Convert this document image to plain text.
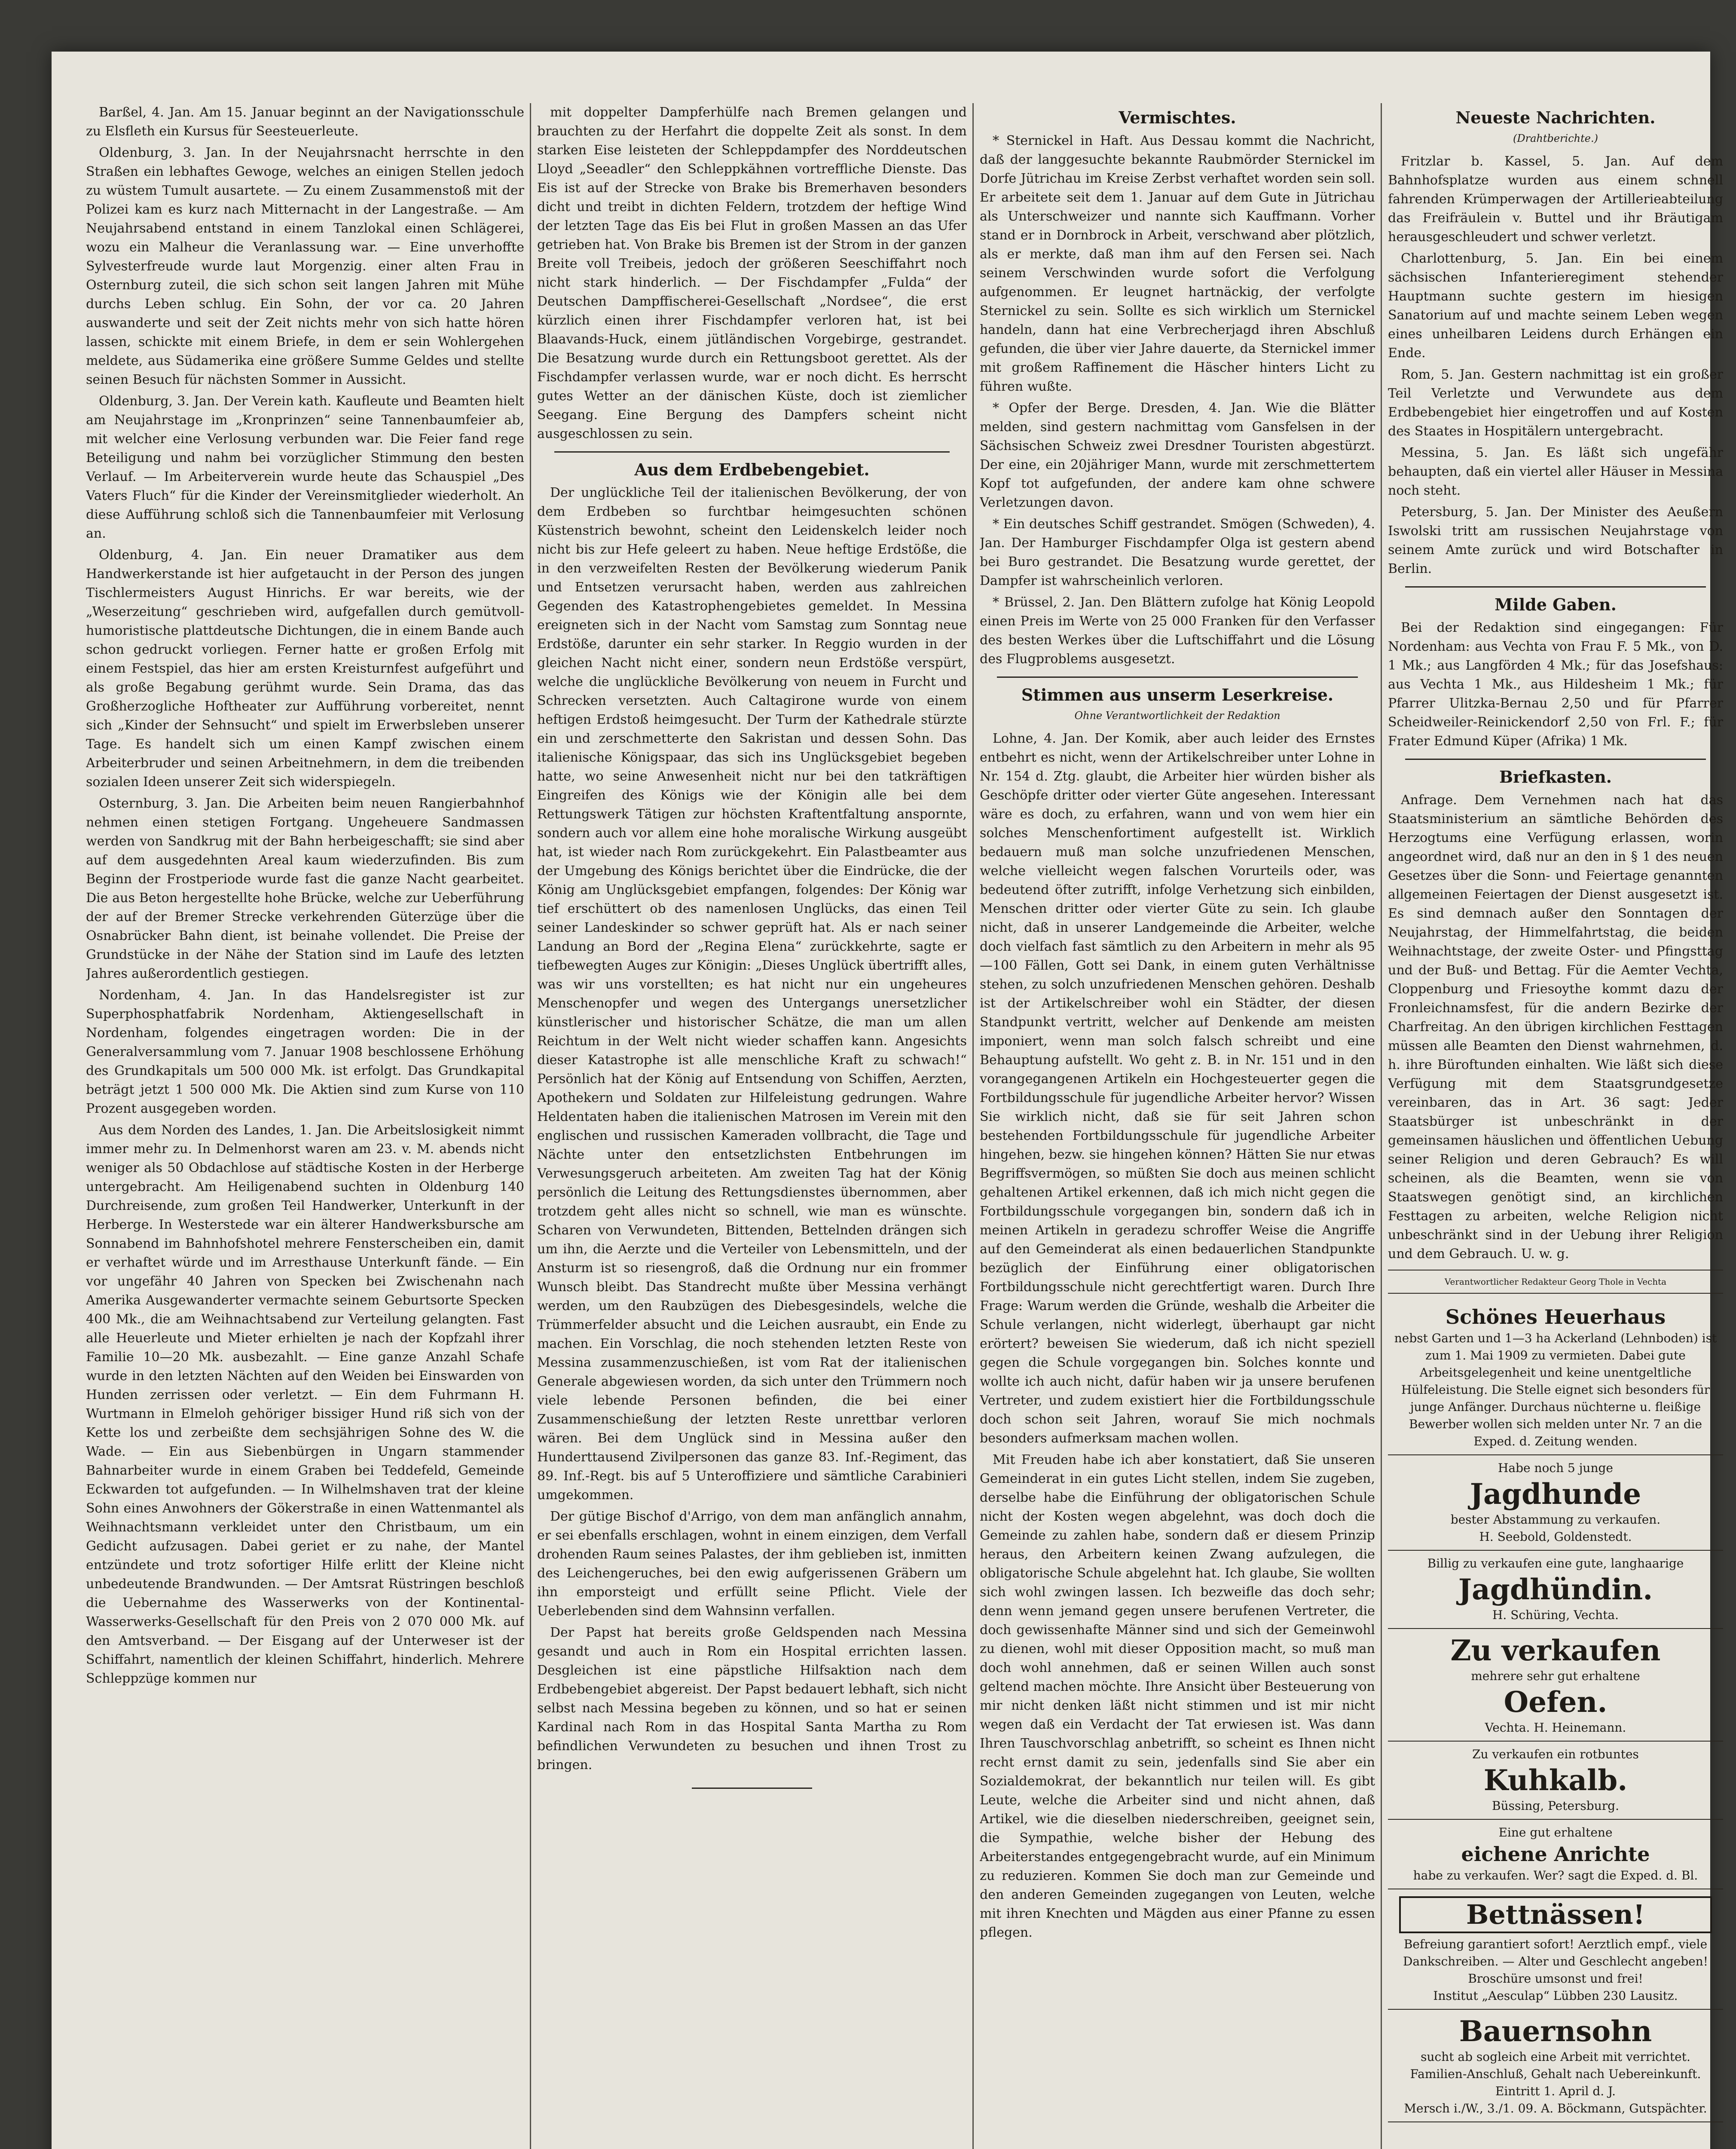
Barßel, 4. Jan. Am 15. Januar beginnt an der Navigationsschule zu Elsfleth ein Kursus für Seesteuerleute.

Oldenburg, 3. Jan. In der Neujahrsnacht herrschte in den Straßen ein lebhaftes Gewoge, welches an einigen Stellen jedoch zu wüstem Tumult ausartete. — Zu einem Zusammenstoß mit der Polizei kam es kurz nach Mitternacht in der Langestraße. — Am Neujahrsabend entstand in einem Tanzlokal einen Schlägerei, wozu ein Malheur die Veranlassung war. — Eine unverhoffte Sylvesterfreude wurde laut Morgenzig. einer alten Frau in Osternburg zuteil, die sich schon seit langen Jahren mit Mühe durchs Leben schlug. Ein Sohn, der vor ca. 20 Jahren auswanderte und seit der Zeit nichts mehr von sich hatte hören lassen, schickte mit einem Briefe, in dem er sein Wohlergehen meldete, aus Südamerika eine größere Summe Geldes und stellte seinen Besuch für nächsten Sommer in Aussicht.

Oldenburg, 3. Jan. Der Verein kath. Kaufleute und Beamten hielt am Neujahrstage im „Kronprinzen“ seine Tannenbaumfeier ab, mit welcher eine Verlosung verbunden war. Die Feier fand rege Beteiligung und nahm bei vorzüglicher Stimmung den besten Verlauf. — Im Arbeiterverein wurde heute das Schauspiel „Des Vaters Fluch“ für die Kinder der Vereinsmitglieder wiederholt. An diese Aufführung schloß sich die Tannenbaumfeier mit Verlosung an.

Oldenburg, 4. Jan. Ein neuer Dramatiker aus dem Handwerkerstande ist hier aufgetaucht in der Person des jungen Tischlermeisters August Hinrichs. Er war bereits, wie der „Weserzeitung“ geschrieben wird, aufgefallen durch gemütvoll-humoristische plattdeutsche Dichtungen, die in einem Bande auch schon gedruckt vorliegen. Ferner hatte er großen Erfolg mit einem Festspiel, das hier am ersten Kreisturnfest aufgeführt und als große Begabung gerühmt wurde. Sein Drama, das das Großherzogliche Hoftheater zur Aufführung vorbereitet, nennt sich „Kinder der Sehnsucht“ und spielt im Erwerbsleben unserer Tage. Es handelt sich um einen Kampf zwischen einem Arbeiterbruder und seinen Arbeitnehmern, in dem die treibenden sozialen Ideen unserer Zeit sich widerspiegeln.

Osternburg, 3. Jan. Die Arbeiten beim neuen Rangierbahnhof nehmen einen stetigen Fortgang. Ungeheuere Sandmassen werden von Sandkrug mit der Bahn herbeigeschafft; sie sind aber auf dem ausgedehnten Areal kaum wiederzufinden. Bis zum Beginn der Frostperiode wurde fast die ganze Nacht gearbeitet. Die aus Beton hergestellte hohe Brücke, welche zur Ueberführung der auf der Bremer Strecke verkehrenden Güterzüge über die Osnabrücker Bahn dient, ist beinahe vollendet. Die Preise der Grundstücke in der Nähe der Station sind im Laufe des letzten Jahres außerordentlich gestiegen.

Nordenham, 4. Jan. In das Handelsregister ist zur Superphosphatfabrik Nordenham, Aktiengesellschaft in Nordenham, folgendes eingetragen worden: Die in der Generalversammlung vom 7. Januar 1908 beschlossene Erhöhung des Grundkapitals um 500 000 Mk. ist erfolgt. Das Grundkapital beträgt jetzt 1 500 000 Mk. Die Aktien sind zum Kurse von 110 Prozent ausgegeben worden.

Aus dem Norden des Landes, 1. Jan. Die Arbeitslosigkeit nimmt immer mehr zu. In Delmenhorst waren am 23. v. M. abends nicht weniger als 50 Obdachlose auf städtische Kosten in der Herberge untergebracht. Am Heiligenabend suchten in Oldenburg 140 Durchreisende, zum großen Teil Handwerker, Unterkunft in der Herberge. In Westerstede war ein älterer Handwerksbursche am Sonnabend im Bahnhofshotel mehrere Fensterscheiben ein, damit er verhaftet würde und im Arresthause Unterkunft fände. — Ein vor ungefähr 40 Jahren von Specken bei Zwischenahn nach Amerika Ausgewanderter vermachte seinem Geburtsorte Specken 400 Mk., die am Weihnachtsabend zur Verteilung gelangten. Fast alle Heuerleute und Mieter erhielten je nach der Kopfzahl ihrer Familie 10—20 Mk. ausbezahlt. — Eine ganze Anzahl Schafe wurde in den letzten Nächten auf den Weiden bei Einswarden von Hunden zerrissen oder verletzt. — Ein dem Fuhrmann H. Wurtmann in Elmeloh gehöriger bissiger Hund riß sich von der Kette los und zerbeißte dem sechsjährigen Sohne des W. die Wade. — Ein aus Siebenbürgen in Ungarn stammender Bahnarbeiter wurde in einem Graben bei Teddefeld, Gemeinde Eckwarden tot aufgefunden. — In Wilhelmshaven trat der kleine Sohn eines Anwohners der Gökerstraße in einen Wattenmantel als Weihnachtsmann verkleidet unter den Christbaum, um ein Gedicht aufzusagen. Dabei geriet er zu nahe, der Mantel entzündete und trotz sofortiger Hilfe erlitt der Kleine nicht unbedeutende Brandwunden. — Der Amtsrat Rüstringen beschloß die Uebernahme des Wasserwerks von der Kontinental-Wasserwerks-Gesellschaft für den Preis von 2 070 000 Mk. auf den Amtsverband. — Der Eisgang auf der Unterweser ist der Schiffahrt, namentlich der kleinen Schiffahrt, hinderlich. Mehrere Schleppzüge kommen nur

mit doppelter Dampferhülfe nach Bremen gelangen und brauchten zu der Herfahrt die doppelte Zeit als sonst. In dem starken Eise leisteten der Schleppdampfer des Norddeutschen Lloyd „Seeadler“ den Schleppkähnen vortreffliche Dienste. Das Eis ist auf der Strecke von Brake bis Bremerhaven besonders dicht und treibt in dichten Feldern, trotzdem der heftige Wind der letzten Tage das Eis bei Flut in großen Massen an das Ufer getrieben hat. Von Brake bis Bremen ist der Strom in der ganzen Breite voll Treibeis, jedoch der größeren Seeschiffahrt noch nicht stark hinderlich. — Der Fischdampfer „Fulda“ der Deutschen Dampffischerei-Gesellschaft „Nordsee“, die erst kürzlich einen ihrer Fischdampfer verloren hat, ist bei Blaavands-Huck, einem jütländischen Vorgebirge, gestrandet. Die Besatzung wurde durch ein Rettungsboot gerettet. Als der Fischdampfer verlassen wurde, war er noch dicht. Es herrscht gutes Wetter an der dänischen Küste, doch ist ziemlicher Seegang. Eine Bergung des Dampfers scheint nicht ausgeschlossen zu sein.

Aus dem Erdbebengebiet.

Der unglückliche Teil der italienischen Bevölkerung, der von dem Erdbeben so furchtbar heimgesuchten schönen Küstenstrich bewohnt, scheint den Leidenskelch leider noch nicht bis zur Hefe geleert zu haben. Neue heftige Erdstöße, die in den verzweifelten Resten der Bevölkerung wiederum Panik und Entsetzen verursacht haben, werden aus zahlreichen Gegenden des Katastrophengebietes gemeldet. In Messina ereigneten sich in der Nacht vom Samstag zum Sonntag neue Erdstöße, darunter ein sehr starker. In Reggio wurden in der gleichen Nacht nicht einer, sondern neun Erdstöße verspürt, welche die unglückliche Bevölkerung von neuem in Furcht und Schrecken versetzten. Auch Caltagirone wurde von einem heftigen Erdstoß heimgesucht. Der Turm der Kathedrale stürzte ein und zerschmetterte den Sakristan und dessen Sohn. Das italienische Königspaar, das sich ins Unglücksgebiet begeben hatte, wo seine Anwesenheit nicht nur bei den tatkräftigen Eingreifen des Königs wie der Königin alle bei dem Rettungswerk Tätigen zur höchsten Kraftentfaltung anspornte, sondern auch vor allem eine hohe moralische Wirkung ausgeübt hat, ist wieder nach Rom zurückgekehrt. Ein Palastbeamter aus der Umgebung des Königs berichtet über die Eindrücke, die der König am Unglücksgebiet empfangen, folgendes: Der König war tief erschüttert ob des namenlosen Unglücks, das einen Teil seiner Landeskinder so schwer geprüft hat. Als er nach seiner Landung an Bord der „Regina Elena“ zurückkehrte, sagte er tiefbewegten Auges zur Königin: „Dieses Unglück übertrifft alles, was wir uns vorstellten; es hat nicht nur ein ungeheures Menschenopfer und wegen des Untergangs unersetzlicher künstlerischer und historischer Schätze, die man um allen Reichtum in der Welt nicht wieder schaffen kann. Angesichts dieser Katastrophe ist alle menschliche Kraft zu schwach!“ Persönlich hat der König auf Entsendung von Schiffen, Aerzten, Apothekern und Soldaten zur Hilfeleistung gedrungen. Wahre Heldentaten haben die italienischen Matrosen im Verein mit den englischen und russischen Kameraden vollbracht, die Tage und Nächte unter den entsetzlichsten Entbehrungen im Verwesungsgeruch arbeiteten. Am zweiten Tag hat der König persönlich die Leitung des Rettungsdienstes übernommen, aber trotzdem geht alles nicht so schnell, wie man es wünschte. Scharen von Verwundeten, Bittenden, Bettelnden drängen sich um ihn, die Aerzte und die Verteiler von Lebensmitteln, und der Ansturm ist so riesengroß, daß die Ordnung nur ein frommer Wunsch bleibt. Das Standrecht mußte über Messina verhängt werden, um den Raubzügen des Diebesgesindels, welche die Trümmerfelder absucht und die Leichen ausraubt, ein Ende zu machen. Ein Vorschlag, die noch stehenden letzten Reste von Messina zusammenzuschießen, ist vom Rat der italienischen Generale abgewiesen worden, da sich unter den Trümmern noch viele lebende Personen befinden, die bei einer Zusammenschießung der letzten Reste unrettbar verloren wären. Bei dem Unglück sind in Messina außer den Hunderttausend Zivilpersonen das ganze 83. Inf.-Regiment, das 89. Inf.-Regt. bis auf 5 Unteroffiziere und sämtliche Carabinieri umgekommen.

Der gütige Bischof d'Arrigo, von dem man anfänglich annahm, er sei ebenfalls erschlagen, wohnt in einem einzigen, dem Verfall drohenden Raum seines Palastes, der ihm geblieben ist, inmitten des Leichengeruches, bei den ewig aufgerissenen Gräbern um ihn emporsteigt und erfüllt seine Pflicht. Viele der Ueberlebenden sind dem Wahnsinn verfallen.

Der Papst hat bereits große Geldspenden nach Messina gesandt und auch in Rom ein Hospital errichten lassen. Desgleichen ist eine päpstliche Hilfsaktion nach dem Erdbebengebiet abgereist. Der Papst bedauert lebhaft, sich nicht selbst nach Messina begeben zu können, und so hat er seinen Kardinal nach Rom in das Hospital Santa Martha zu Rom befindlichen Verwundeten zu besuchen und ihnen Trost zu bringen.

Vermischtes.

* Sternickel in Haft. Aus Dessau kommt die Nachricht, daß der langgesuchte bekannte Raubmörder Sternickel im Dorfe Jütrichau im Kreise Zerbst verhaftet worden sein soll. Er arbeitete seit dem 1. Januar auf dem Gute in Jütrichau als Unterschweizer und nannte sich Kauffmann. Vorher stand er in Dornbrock in Arbeit, verschwand aber plötzlich, als er merkte, daß man ihm auf den Fersen sei. Nach seinem Verschwinden wurde sofort die Verfolgung aufgenommen. Er leugnet hartnäckig, der verfolgte Sternickel zu sein. Sollte es sich wirklich um Sternickel handeln, dann hat eine Verbrecherjagd ihren Abschluß gefunden, die über vier Jahre dauerte, da Sternickel immer mit großem Raffinement die Häscher hinters Licht zu führen wußte.

* Opfer der Berge. Dresden, 4. Jan. Wie die Blätter melden, sind gestern nachmittag vom Gansfelsen in der Sächsischen Schweiz zwei Dresdner Touristen abgestürzt. Der eine, ein 20jähriger Mann, wurde mit zerschmettertem Kopf tot aufgefunden, der andere kam ohne schwere Verletzungen davon.

* Ein deutsches Schiff gestrandet. Smögen (Schweden), 4. Jan. Der Hamburger Fischdampfer Olga ist gestern abend bei Buro gestrandet. Die Besatzung wurde gerettet, der Dampfer ist wahrscheinlich verloren.

* Brüssel, 2. Jan. Den Blättern zufolge hat König Leopold einen Preis im Werte von 25 000 Franken für den Verfasser des besten Werkes über die Luftschiffahrt und die Lösung des Flugproblems ausgesetzt.

Stimmen aus unserm Leserkreise.
Ohne Verantwortlichkeit der Redaktion

Lohne, 4. Jan. Der Komik, aber auch leider des Ernstes entbehrt es nicht, wenn der Artikelschreiber unter Lohne in Nr. 154 d. Ztg. glaubt, die Arbeiter hier würden bisher als Geschöpfe dritter oder vierter Güte angesehen. Interessant wäre es doch, zu erfahren, wann und von wem hier ein solches Menschenfortiment aufgestellt ist. Wirklich bedauern muß man solche unzufriedenen Menschen, welche vielleicht wegen falschen Vorurteils oder, was bedeutend öfter zutrifft, infolge Verhetzung sich einbilden, Menschen dritter oder vierter Güte zu sein. Ich glaube nicht, daß in unserer Landgemeinde die Arbeiter, welche doch vielfach fast sämtlich zu den Arbeitern in mehr als 95—100 Fällen, Gott sei Dank, in einem guten Verhältnisse stehen, zu solch unzufriedenen Menschen gehören. Deshalb ist der Artikelschreiber wohl ein Städter, der diesen Standpunkt vertritt, welcher auf Denkende am meisten imponiert, wenn man solch falsch schreibt und eine Behauptung aufstellt. Wo geht z. B. in Nr. 151 und in den vorangegangenen Artikeln ein Hochgesteuerter gegen die Fortbildungsschule für jugendliche Arbeiter hervor? Wissen Sie wirklich nicht, daß sie für seit Jahren schon bestehenden Fortbildungsschule für jugendliche Arbeiter hingehen, bezw. sie hingehen können? Hätten Sie nur etwas Begriffsvermögen, so müßten Sie doch aus meinen schlicht gehaltenen Artikel erkennen, daß ich mich nicht gegen die Fortbildungsschule vorgegangen bin, sondern daß ich in meinen Artikeln in geradezu schroffer Weise die Angriffe auf den Gemeinderat als einen bedauerlichen Standpunkte bezüglich der Einführung einer obligatorischen Fortbildungsschule nicht gerechtfertigt waren. Durch Ihre Frage: Warum werden die Gründe, weshalb die Arbeiter die Schule verlangen, nicht widerlegt, überhaupt gar nicht erörtert? beweisen Sie wiederum, daß ich nicht speziell gegen die Schule vorgegangen bin. Solches konnte und wollte ich auch nicht, dafür haben wir ja unsere berufenen Vertreter, und zudem existiert hier die Fortbildungsschule doch schon seit Jahren, worauf Sie mich nochmals besonders aufmerksam machen wollen.

Mit Freuden habe ich aber konstatiert, daß Sie unseren Gemeinderat in ein gutes Licht stellen, indem Sie zugeben, derselbe habe die Einführung der obligatorischen Schule nicht der Kosten wegen abgelehnt, was doch doch die Gemeinde zu zahlen habe, sondern daß er diesem Prinzip heraus, den Arbeitern keinen Zwang aufzulegen, die obligatorische Schule abgelehnt hat. Ich glaube, Sie wollten sich wohl zwingen lassen. Ich bezweifle das doch sehr; denn wenn jemand gegen unsere berufenen Vertreter, die doch gewissenhafte Männer sind und sich der Gemeinwohl zu dienen, wohl mit dieser Opposition macht, so muß man doch wohl annehmen, daß er seinen Willen auch sonst geltend machen möchte. Ihre Ansicht über Besteuerung von mir nicht denken läßt nicht stimmen und ist mir nicht wegen daß ein Verdacht der Tat erwiesen ist. Was dann Ihren Tauschvorschlag anbetrifft, so scheint es Ihnen nicht recht ernst damit zu sein, jedenfalls sind Sie aber ein Sozialdemokrat, der bekanntlich nur teilen will. Es gibt Leute, welche die Arbeiter sind und nicht ahnen, daß Artikel, wie die dieselben niederschreiben, geeignet sein, die Sympathie, welche bisher der Hebung des Arbeiterstandes entgegengebracht wurde, auf ein Minimum zu reduzieren. Kommen Sie doch man zur Gemeinde und den anderen Gemeinden zugegangen von Leuten, welche mit ihren Knechten und Mägden aus einer Pfanne zu essen pflegen.

Neueste Nachrichten.
(Drahtberichte.)

Fritzlar b. Kassel, 5. Jan. Auf dem Bahnhofsplatze wurden aus einem schnell fahrenden Krümperwagen der Artillerieabteilung das Freifräulein v. Buttel und ihr Bräutigam herausgeschleudert und schwer verletzt.

Charlottenburg, 5. Jan. Ein bei einem sächsischen Infanterieregiment stehender Hauptmann suchte gestern im hiesigen Sanatorium auf und machte seinem Leben wegen eines unheilbaren Leidens durch Erhängen ein Ende.

Rom, 5. Jan. Gestern nachmittag ist ein großer Teil Verletzte und Verwundete aus dem Erdbebengebiet hier eingetroffen und auf Kosten des Staates in Hospitälern untergebracht.

Messina, 5. Jan. Es läßt sich ungefähr behaupten, daß ein viertel aller Häuser in Messina noch steht.

Petersburg, 5. Jan. Der Minister des Aeußern Iswolski tritt am russischen Neujahrstage von seinem Amte zurück und wird Botschafter in Berlin.

Milde Gaben.

Bei der Redaktion sind eingegangen: Für Nordenham: aus Vechta von Frau F. 5 Mk., von D. 1 Mk.; aus Langförden 4 Mk.; für das Josefshaus: aus Vechta 1 Mk., aus Hildesheim 1 Mk.; für Pfarrer Ulitzka-Bernau 2,50 und für Pfarrer Scheidweiler-Reinickendorf 2,50 von Frl. F.; für Frater Edmund Küper (Afrika) 1 Mk.

Briefkasten.

Anfrage. Dem Vernehmen nach hat das Staatsministerium an sämtliche Behörden des Herzogtums eine Verfügung erlassen, worin angeordnet wird, daß nur an den in § 1 des neuen Gesetzes über die Sonn- und Feiertage genannten allgemeinen Feiertagen der Dienst ausgesetzt ist. Es sind demnach außer den Sonntagen der Neujahrstag, der Himmelfahrtstag, die beiden Weihnachtstage, der zweite Oster- und Pfingsttag und der Buß- und Bettag. Für die Aemter Vechta, Cloppenburg und Friesoythe kommt dazu der Fronleichnamsfest, für die andern Bezirke der Charfreitag. An den übrigen kirchlichen Festtagen müssen alle Beamten den Dienst wahrnehmen, d. h. ihre Büroftunden einhalten. Wie läßt sich diese Verfügung mit dem Staatsgrundgesetze vereinbaren, das in Art. 36 sagt: Jeder Staatsbürger ist unbeschränkt in der gemeinsamen häuslichen und öffentlichen Uebung seiner Religion und deren Gebrauch? Es will scheinen, als die Beamten, wenn sie von Staatswegen genötigt sind, an kirchlichen Festtagen zu arbeiten, welche Religion nicht unbeschränkt sind in der Uebung ihrer Religion und dem Gebrauch. U. w. g.

Verantwortlicher Redakteur Georg Thole in Vechta
Schönes Heuerhaus
nebst Garten und 1—3 ha Ackerland (Lehnboden) ist zum 1. Mai 1909 zu vermieten. Dabei gute Arbeitsgelegenheit und keine unentgeltliche Hülfeleistung. Die Stelle eignet sich besonders für junge Anfänger. Durchaus nüchterne u. fleißige Bewerber wollen sich melden unter Nr. 7 an die Exped. d. Zeitung wenden.
Habe noch 5 junge
Jagdhunde
bester Abstammung zu verkaufen.
H. Seebold, Goldenstedt.
Billig zu verkaufen eine gute, langhaarige
Jagdhündin.
H. Schüring, Vechta.
Zu verkaufen
mehrere sehr gut erhaltene
Oefen.
Vechta. H. Heinemann.
Zu verkaufen ein rotbuntes
Kuhkalb.
Büssing, Petersburg.
Eine gut erhaltene
eichene Anrichte
habe zu verkaufen. Wer? sagt die Exped. d. Bl.
Bettnässen!
Befreiung garantiert sofort! Aerztlich empf., viele Dankschreiben. — Alter und Geschlecht angeben! Broschüre umsonst und frei!
Institut „Aesculap“ Lübben 230 Lausitz.
Bauernsohn
sucht ab sogleich eine Arbeit mit verrichtet. Familien-Anschluß, Gehalt nach Uebereinkunft. Eintritt 1. April d. J.
Mersch i./W., 3./1. 09. A. Böckmann, Gutspächter.
